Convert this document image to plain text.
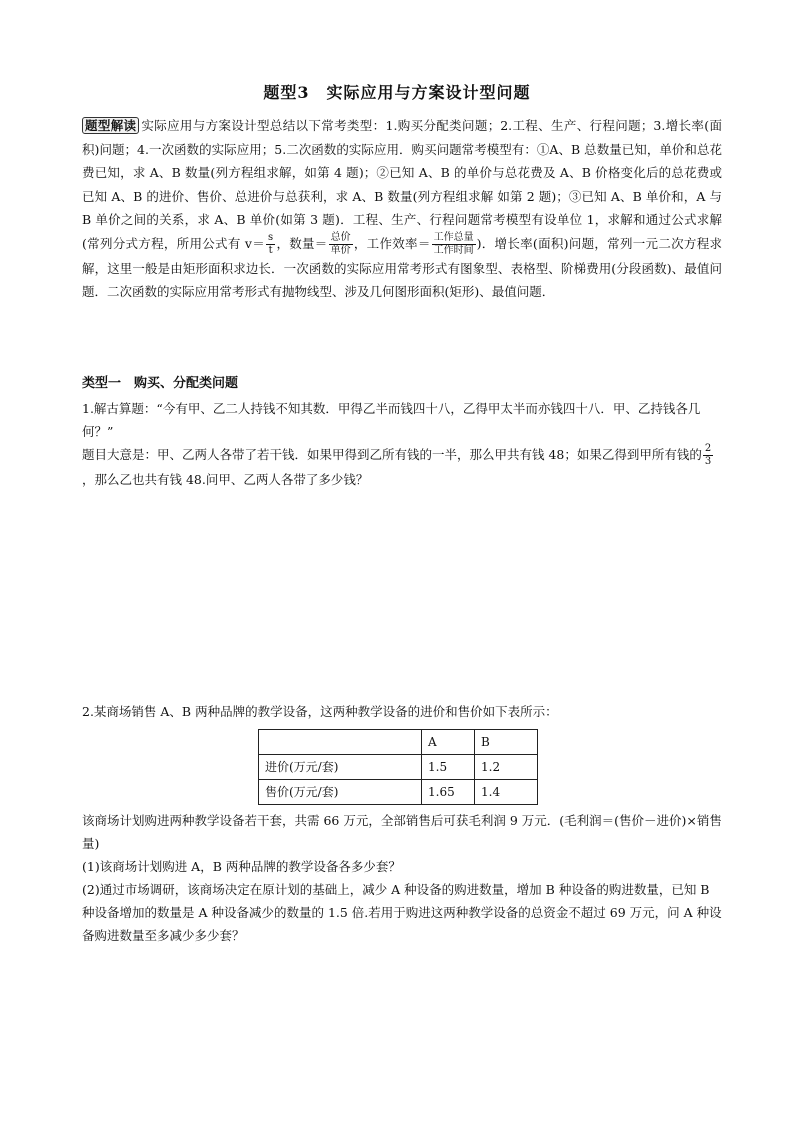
题型3　实际应用与方案设计型问题
题型解读 实际应用与方案设计型总结以下常考类型：1.购买分配类问题；2.工程、生产、行程问题；3.增长率(面积)问题；4.一次函数的实际应用；5.二次函数的实际应用．购买问题常考模型有：①A、B 总数量已知，单价和总花费已知，求 A、B 数量(列方程组求解，如第 4 题)；②已知 A、B 的单价与总花费及 A、B 价格变化后的总花费或已知 A、B 的进价、售价、总进价与总获利，求 A、B 数量(列方程组求解 如第 2 题)；③已知 A、B 单价和，A 与 B 单价之间的关系，求 A、B 单价(如第 3 题)．工程、生产、行程问题常考模型有设单位 1，求解和通过公式求解(常列分式方程，所用公式有 $v= \frac{s}{t}$ ，数量＝ $\frac{\text{总价}}{\text{单价}}$ ，工作效率＝ $\frac{\text{工作总量}}{\text{工作时间}}$ )．增长率(面积)问题，常列一元二次方程求解，这里一般是由矩形面积求边长．一次函数的实际应用常考形式有图象型、表格型、阶梯费用(分段函数)、最值问题．二次函数的实际应用常考形式有抛物线型、涉及几何图形面积(矩形)、最值问题．
类型一　购买、分配类问题
1.解古算题：“今有甲、乙二人持钱不知其数．甲得乙半而钱四十八，乙得甲太半而亦钱四十八．甲、乙持钱各几何？”
题目大意是：甲、乙两人各带了若干钱．如果甲得到乙所有钱的一半，那么甲共有钱 48；如果乙得到甲所有钱的 $\frac{2}{3}$
，那么乙也共有钱 48.问甲、乙两人各带了多少钱？
2.某商场销售 A、B 两种品牌的教学设备，这两种教学设备的进价和售价如下表所示：
	A	B
进价(万元/套)	1.5	1.2
售价(万元/套)	1.65	1.4
该商场计划购进两种教学设备若干套，共需 66 万元，全部销售后可获毛利润 9 万元．(毛利润＝(售价－进价)×销售量)
(1)该商场计划购进 A，B 两种品牌的教学设备各多少套？
(2)通过市场调研，该商场决定在原计划的基础上，减少 A 种设备的购进数量，增加 B 种设备的购进数量，已知 B 种设备增加的数量是 A 种设备减少的数量的 1.5 倍.若用于购进这两种教学设备的总资金不超过 69 万元，问 A 种设备购进数量至多减少多少套？
